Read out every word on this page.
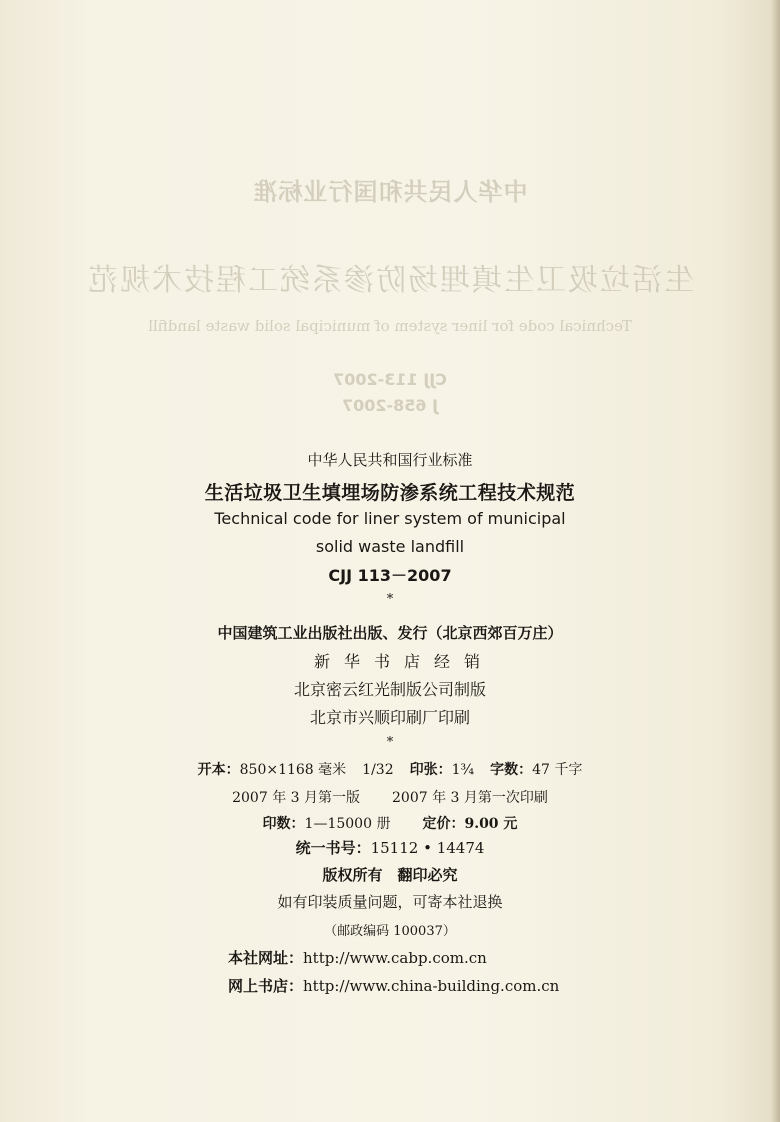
中华人民共和国行业标准
生活垃圾卫生填埋场防渗系统工程技术规范
Technical code for liner system of municipal solid waste landfill
CJJ 113-2007
J 658-2007
中华人民共和国行业标准
生活垃圾卫生填埋场防渗系统工程技术规范
Technical code for liner system of municipal
solid waste landfill
CJJ 113－2007
*
中国建筑工业出版社出版、发行（北京西郊百万庄）
新华书店经销
北京密云红光制版公司制版
北京市兴顺印刷厂印刷
*
开本：850×1168 毫米 1/32 印张：1¾ 字数：47 千字
2007 年 3 月第一版 2007 年 3 月第一次印刷
印数：1—15000 册 定价：9.00 元
统一书号：15112 • 14474
版权所有　翻印必究
如有印装质量问题，可寄本社退换
（邮政编码 100037）
本社网址：http://www.cabp.com.cn
网上书店：http://www.china-building.com.cn
